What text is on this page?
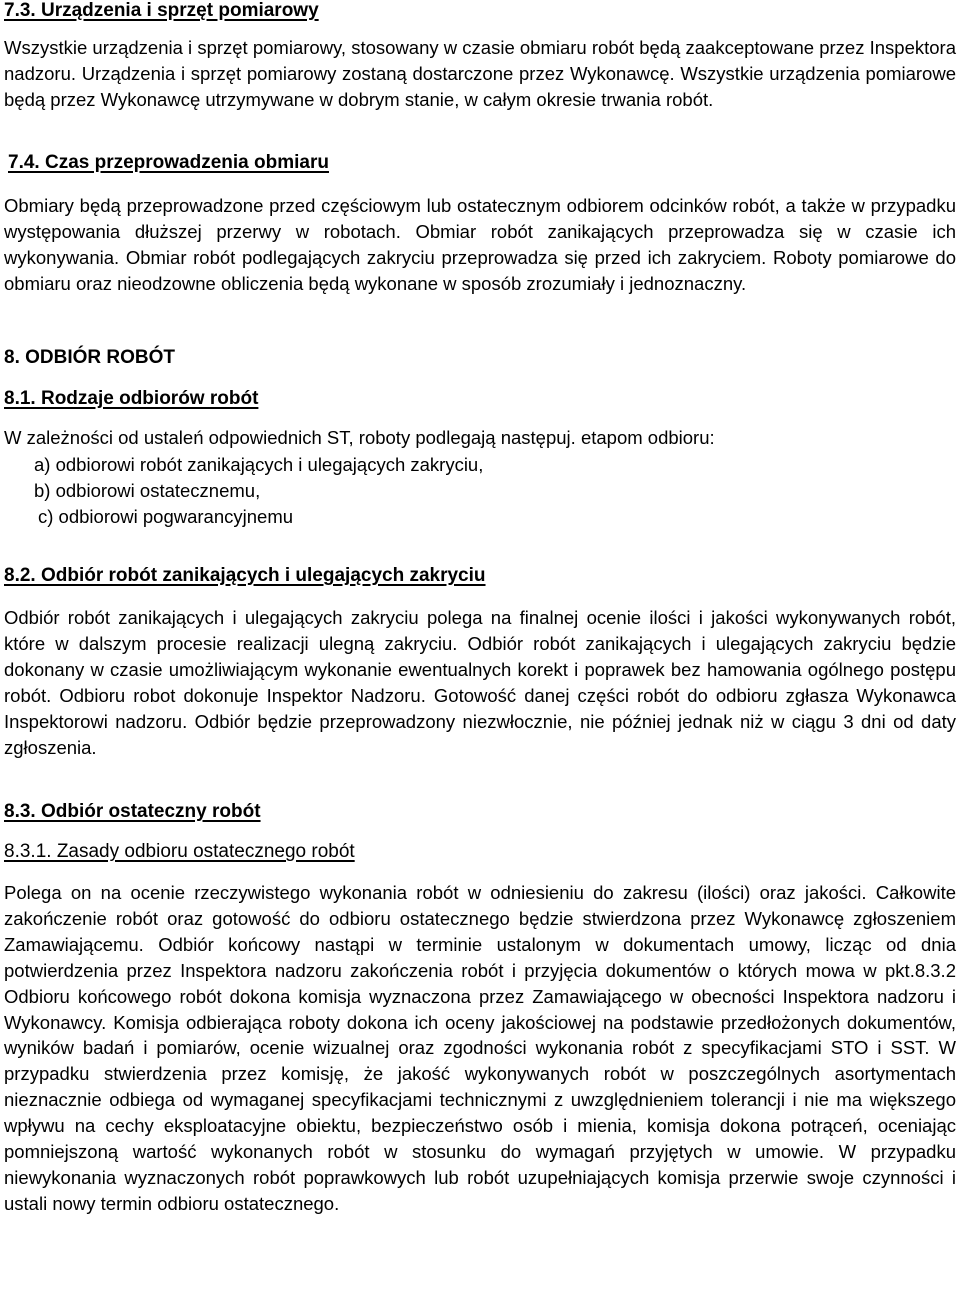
7.3. Urządzenia i sprzęt pomiarowy

Wszystkie urządzenia i sprzęt pomiarowy, stosowany w czasie obmiaru robót będą zaakceptowane przez Inspektora nadzoru. Urządzenia i sprzęt pomiarowy zostaną dostarczone przez Wykonawcę. Wszystkie urządzenia pomiarowe będą przez Wykonawcę utrzymywane w dobrym stanie, w całym okresie trwania robót.

7.4. Czas przeprowadzenia obmiaru

Obmiary będą przeprowadzone przed częściowym lub ostatecznym odbiorem odcinków robót, a także w przypadku występowania dłuższej przerwy w robotach. Obmiar robót zanikających przeprowadza się w czasie ich wykonywania. Obmiar robót podlegających zakryciu przeprowadza się przed ich zakryciem. Roboty pomiarowe do obmiaru oraz nieodzowne obliczenia będą wykonane w sposób zrozumiały i jednoznaczny.

8. ODBIÓR ROBÓT
8.1. Rodzaje odbiorów robót

W zależności od ustaleń odpowiednich ST, roboty podlegają następuj. etapom odbioru:

a) odbiorowi robót zanikających i ulegających zakryciu,
b) odbiorowi ostatecznemu,
c) odbiorowi pogwarancyjnemu
8.2. Odbiór robót zanikających i ulegających zakryciu

Odbiór robót zanikających i ulegających zakryciu polega na finalnej ocenie ilości i jakości wykonywanych robót, które w dalszym procesie realizacji ulegną zakryciu. Odbiór robót zanikających i ulegających zakryciu będzie dokonany w czasie umożliwiającym wykonanie ewentualnych korekt i poprawek bez hamowania ogólnego postępu robót. Odbioru robot dokonuje Inspektor Nadzoru. Gotowość danej części robót do odbioru zgłasza Wykonawca Inspektorowi nadzoru. Odbiór będzie przeprowadzony niezwłocznie, nie później jednak niż w ciągu 3 dni od daty zgłoszenia.

8.3. Odbiór ostateczny robót
8.3.1. Zasady odbioru ostatecznego robót

Polega on na ocenie rzeczywistego wykonania robót w odniesieniu do zakresu (ilości) oraz jakości. Całkowite zakończenie robót oraz gotowość do odbioru ostatecznego będzie stwierdzona przez Wykonawcę zgłoszeniem Zamawiającemu. Odbiór końcowy nastąpi w terminie ustalonym w dokumentach umowy, licząc od dnia potwierdzenia przez Inspektora nadzoru zakończenia robót i przyjęcia dokumentów o których mowa w pkt.8.3.2 Odbioru końcowego robót dokona komisja wyznaczona przez Zamawiającego w obecności Inspektora nadzoru i Wykonawcy. Komisja odbierająca roboty dokona ich oceny jakościowej na podstawie przedłożonych dokumentów, wyników badań i pomiarów, ocenie wizualnej oraz zgodności wykonania robót z specyfikacjami STO i SST. W przypadku stwierdzenia przez komisję, że jakość wykonywanych robót w poszczególnych asortymentach nieznacznie odbiega od wymaganej specyfikacjami technicznymi z uwzględnieniem tolerancji i nie ma większego wpływu na cechy eksploatacyjne obiektu, bezpieczeństwo osób i mienia, komisja dokona potrąceń, oceniając pomniejszoną wartość wykonanych robót w stosunku do wymagań przyjętych w umowie. W przypadku niewykonania wyznaczonych robót poprawkowych lub robót uzupełniających komisja przerwie swoje czynności i ustali nowy termin odbioru ostatecznego.
